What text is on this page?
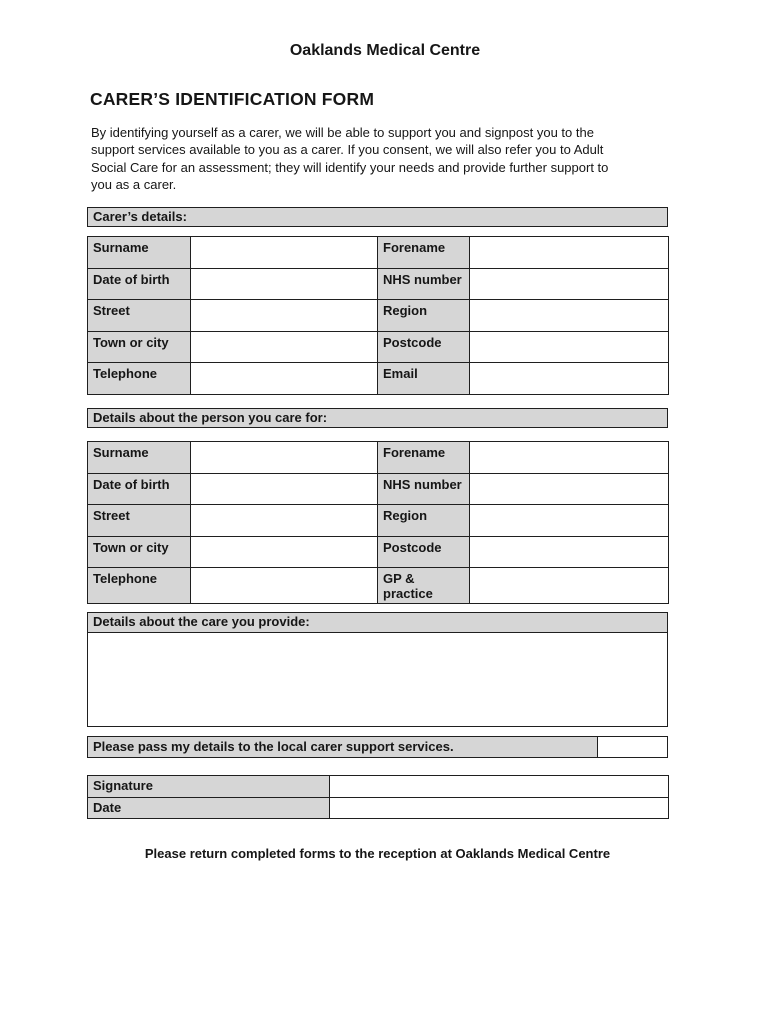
Oaklands Medical Centre
CARER’S IDENTIFICATION FORM
By identifying yourself as a carer, we will be able to support you and signpost you to the
support services available to you as a carer. If you consent, we will also refer you to Adult
Social Care for an assessment; they will identify your needs and provide further support to
you as a carer.
Carer’s details:
Surname		Forename	
Date of birth		NHS number	
Street		Region	
Town or city		Postcode	
Telephone		Email	
Details about the person you care for:
Surname		Forename	
Date of birth		NHS number	
Street		Region	
Town or city		Postcode	
Telephone		GP & practice	
Details about the care you provide:
Please pass my details to the local carer support services.
Signature	
Date	
Please return completed forms to the reception at Oaklands Medical Centre
